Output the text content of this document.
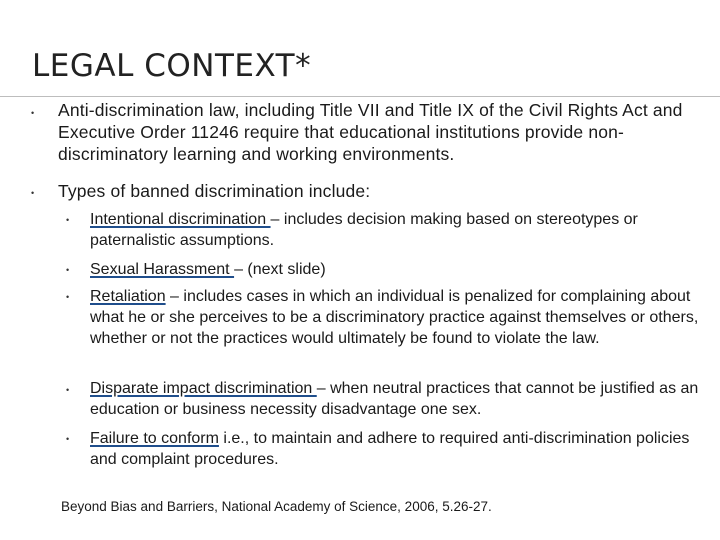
LEGAL CONTEXT*
• Anti-discrimination law, including Title VII and Title IX of the Civil Rights Act and Executive Order 11246 require that educational institutions provide non-discriminatory learning and working environments.
• Types of banned discrimination include:
• Intentional discrimination – includes decision making based on stereotypes or paternalistic assumptions.
• Sexual Harassment – (next slide)
• Retaliation – includes cases in which an individual is penalized for complaining about what he or she perceives to be a discriminatory practice against themselves or others, whether or not the practices would ultimately be found to violate the law.
• Disparate impact discrimination – when neutral practices that cannot be justified as an education or business necessity disadvantage one sex.
• Failure to conform i.e., to maintain and adhere to required anti-discrimination policies and complaint procedures.
Beyond Bias and Barriers, National Academy of Science, 2006, 5.26-27.
